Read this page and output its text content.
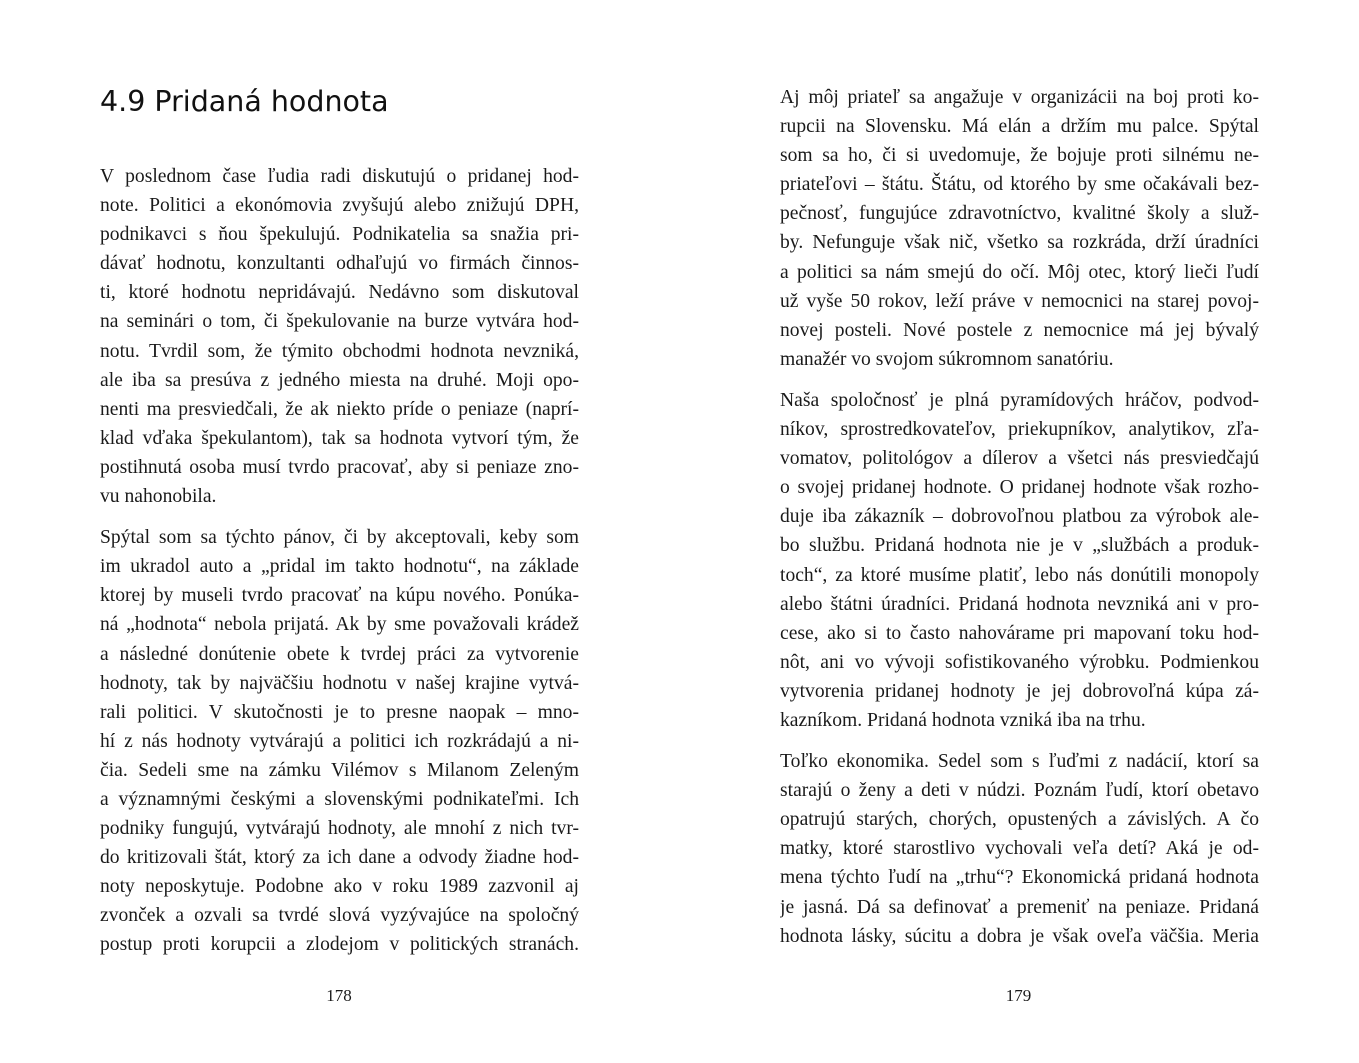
4.9 Pridaná hodnota
V poslednom čase ľudia radi diskutujú o pridanej hod-
note. Politici a ekonómovia zvyšujú alebo znižujú DPH,
podnikavci s ňou špekulujú. Podnikatelia sa snažia pri-
dávať hodnotu, konzultanti odhaľujú vo firmách činnos-
ti, ktoré hodnotu nepridávajú. Nedávno som diskutoval
na seminári o tom, či špekulovanie na burze vytvára hod-
notu. Tvrdil som, že týmito obchodmi hodnota nevzniká,
ale iba sa presúva z jedného miesta na druhé. Moji opo-
nenti ma presviedčali, že ak niekto príde o peniaze (naprí-
klad vďaka špekulantom), tak sa hodnota vytvorí tým, že
postihnutá osoba musí tvrdo pracovať, aby si peniaze zno-
vu nahonobila.
Spýtal som sa týchto pánov, či by akceptovali, keby som
im ukradol auto a „pridal im takto hodnotu“, na základe
ktorej by museli tvrdo pracovať na kúpu nového. Ponúka-
ná „hodnota“ nebola prijatá. Ak by sme považovali krádež
a následné donútenie obete k tvrdej práci za vytvorenie
hodnoty, tak by najväčšiu hodnotu v našej krajine vytvá-
rali politici. V skutočnosti je to presne naopak – mno-
hí z nás hodnoty vytvárajú a politici ich rozkrádajú a ni-
čia. Sedeli sme na zámku Vilémov s Milanom Zeleným
a významnými českými a slovenskými podnikateľmi. Ich
podniky fungujú, vytvárajú hodnoty, ale mnohí z nich tvr-
do kritizovali štát, ktorý za ich dane a odvody žiadne hod-
noty neposkytuje. Podobne ako v roku 1989 zazvonil aj
zvonček a ozvali sa tvrdé slová vyzývajúce na spoločný
postup proti korupcii a zlodejom v politických stranách.
178
Aj môj priateľ sa angažuje v organizácii na boj proti ko-
rupcii na Slovensku. Má elán a držím mu palce. Spýtal
som sa ho, či si uvedomuje, že bojuje proti silnému ne-
priateľovi – štátu. Štátu, od ktorého by sme očakávali bez-
pečnosť, fungujúce zdravotníctvo, kvalitné školy a služ-
by. Nefunguje však nič, všetko sa rozkráda, drží úradníci
a politici sa nám smejú do očí. Môj otec, ktorý lieči ľudí
už vyše 50 rokov, leží práve v nemocnici na starej povoj-
novej posteli. Nové postele z nemocnice má jej bývalý
manažér vo svojom súkromnom sanatóriu.
Naša spoločnosť je plná pyramídových hráčov, podvod-
níkov, sprostredkovateľov, priekupníkov, analytikov, zľa-
vomatov, politológov a dílerov a všetci nás presviedčajú
o svojej pridanej hodnote. O pridanej hodnote však rozho-
duje iba zákazník – dobrovoľnou platbou za výrobok ale-
bo službu. Pridaná hodnota nie je v „službách a produk-
toch“, za ktoré musíme platiť, lebo nás donútili monopoly
alebo štátni úradníci. Pridaná hodnota nevzniká ani v pro-
cese, ako si to často nahovárame pri mapovaní toku hod-
nôt, ani vo vývoji sofistikovaného výrobku. Podmienkou
vytvorenia pridanej hodnoty je jej dobrovoľná kúpa zá-
kazníkom. Pridaná hodnota vzniká iba na trhu.
Toľko ekonomika. Sedel som s ľuďmi z nadácií, ktorí sa
starajú o ženy a deti v núdzi. Poznám ľudí, ktorí obetavo
opatrujú starých, chorých, opustených a závislých. A čo
matky, ktoré starostlivo vychovali veľa detí? Aká je od-
mena týchto ľudí na „trhu“? Ekonomická pridaná hodnota
je jasná. Dá sa definovať a premeniť na peniaze. Pridaná
hodnota lásky, súcitu a dobra je však oveľa väčšia. Meria
179
